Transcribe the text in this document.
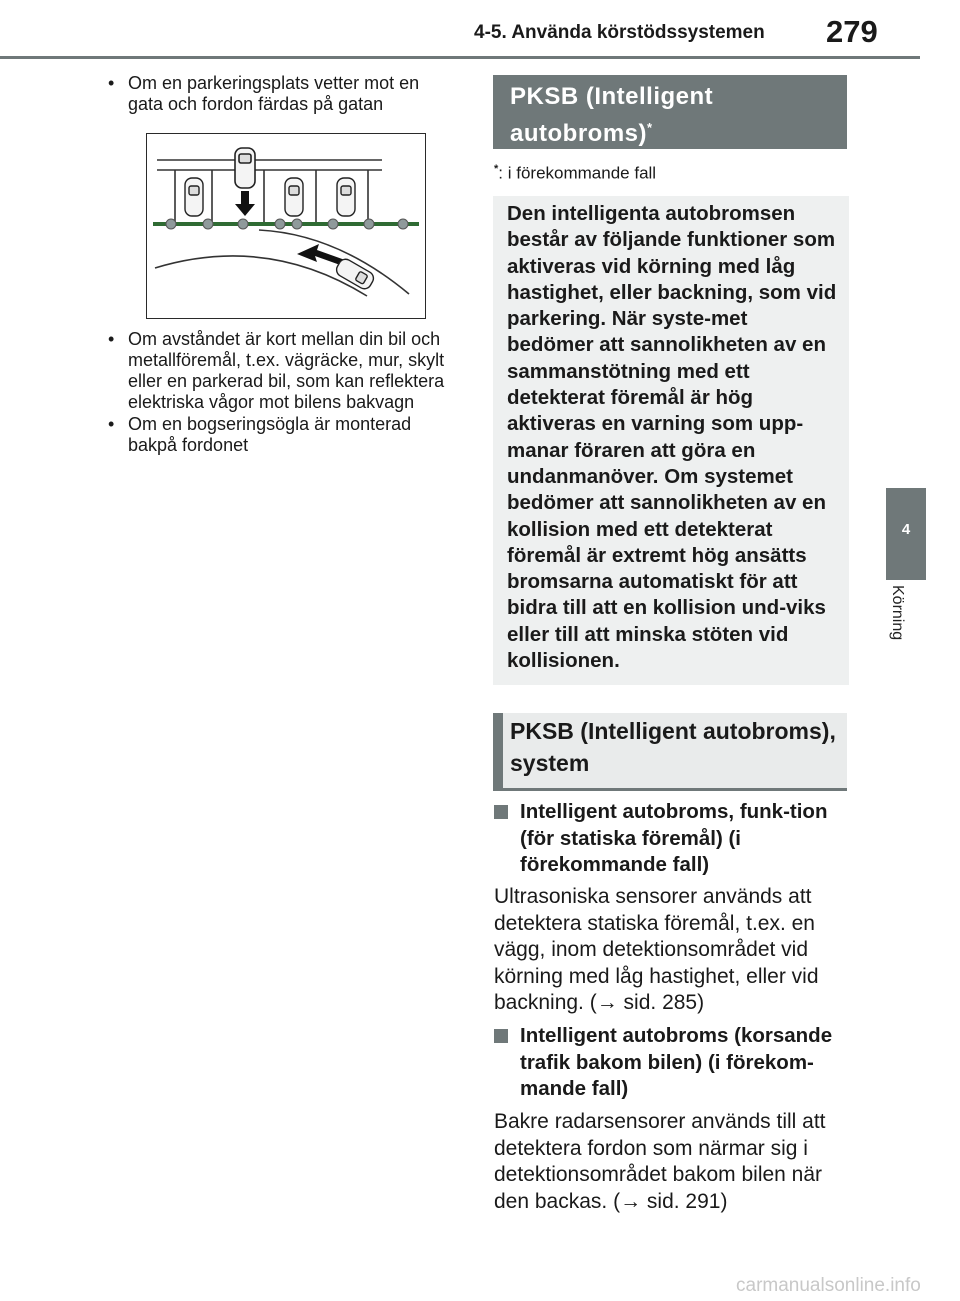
4-5. Använda körstödssystemen 279
4
Körning
• Om en parkeringsplats vetter mot en gata och fordon färdas på gatan
• Om avståndet är kort mellan din bil och metallföremål, t.ex. vägräcke, mur, skylt eller en parkerad bil, som kan reflektera elektriska vågor mot bilens bakvagn
• Om en bogseringsögla är monterad bakpå fordonet
PKSB (Intelligent autobroms)*
*: i förekommande fall

Den intelligenta autobromsen består av följande funktioner som aktiveras vid körning med låg hastighet, eller backning, som vid parkering. När syste-met bedömer att sannolikheten av en sammanstötning med ett detekterat föremål är hög aktiveras en varning som upp-manar föraren att göra en undanmanöver. Om systemet bedömer att sannolikheten av en kollision med ett detekterat föremål är extremt hög ansätts bromsarna automatiskt för att bidra till att en kollision und-viks eller till att minska stöten vid kollisionen.

PKSB (Intelligent autobroms), system

Intelligent autobroms, funk-tion (för statiska föremål) (i förekommande fall)

Ultrasoniska sensorer används att detektera statiska föremål, t.ex. en vägg, inom detektionsområdet vid körning med låg hastighet, eller vid backning. (→ sid. 285)

Intelligent autobroms (korsande trafik bakom bilen) (i förekom-mande fall)

Bakre radarsensorer används till att detektera fordon som närmar sig i detektionsområdet bakom bilen när den backas. (→ sid. 291)

carmanualsonline.info
